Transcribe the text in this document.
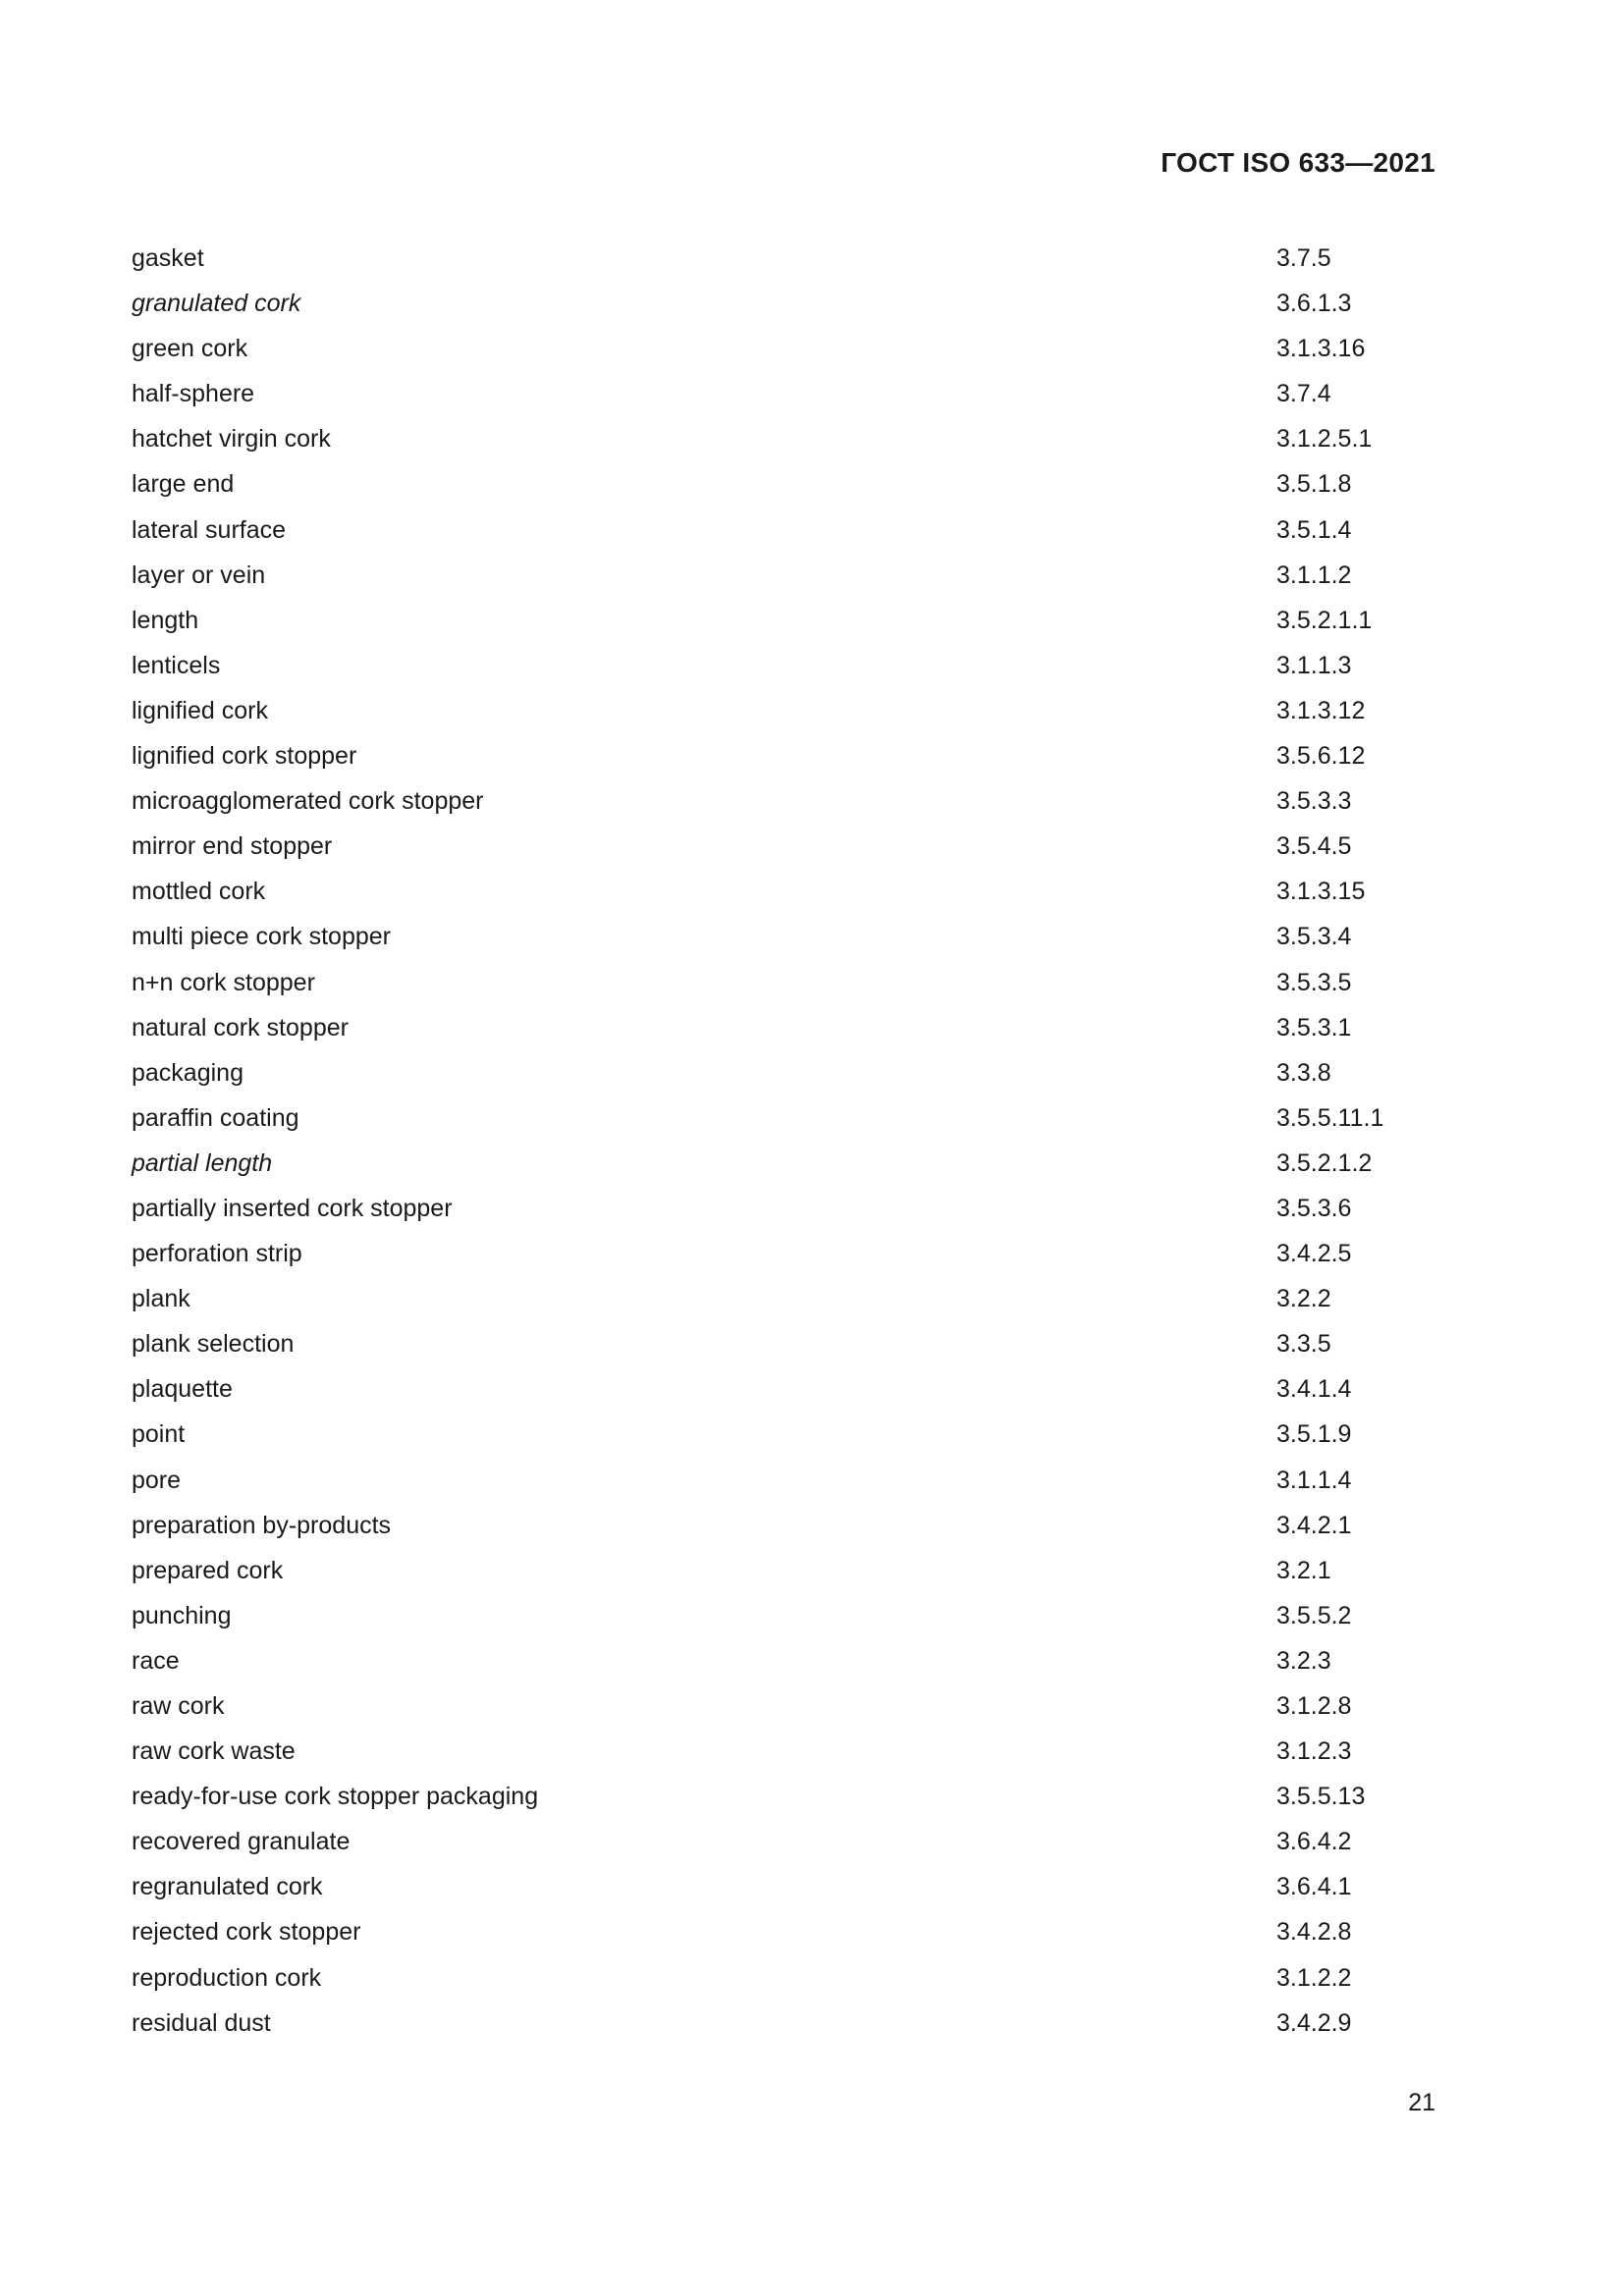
ГОСТ ISO 633—2021
gasket	3.7.5
granulated cork	3.6.1.3
green cork	3.1.3.16
half-sphere	3.7.4
hatchet virgin cork	3.1.2.5.1
large end	3.5.1.8
lateral surface	3.5.1.4
layer or vein	3.1.1.2
length	3.5.2.1.1
lenticels	3.1.1.3
lignified cork	3.1.3.12
lignified cork stopper	3.5.6.12
microagglomerated cork stopper	3.5.3.3
mirror end stopper	3.5.4.5
mottled cork	3.1.3.15
multi piece cork stopper	3.5.3.4
n+n cork stopper	3.5.3.5
natural cork stopper	3.5.3.1
packaging	3.3.8
paraffin coating	3.5.5.11.1
partial length	3.5.2.1.2
partially inserted cork stopper	3.5.3.6
perforation strip	3.4.2.5
plank	3.2.2
plank selection	3.3.5
plaquette	3.4.1.4
point	3.5.1.9
pore	3.1.1.4
preparation by-products	3.4.2.1
prepared cork	3.2.1
punching	3.5.5.2
race	3.2.3
raw cork	3.1.2.8
raw cork waste	3.1.2.3
ready-for-use cork stopper packaging	3.5.5.13
recovered granulate	3.6.4.2
regranulated cork	3.6.4.1
rejected cork stopper	3.4.2.8
reproduction cork	3.1.2.2
residual dust	3.4.2.9
21
